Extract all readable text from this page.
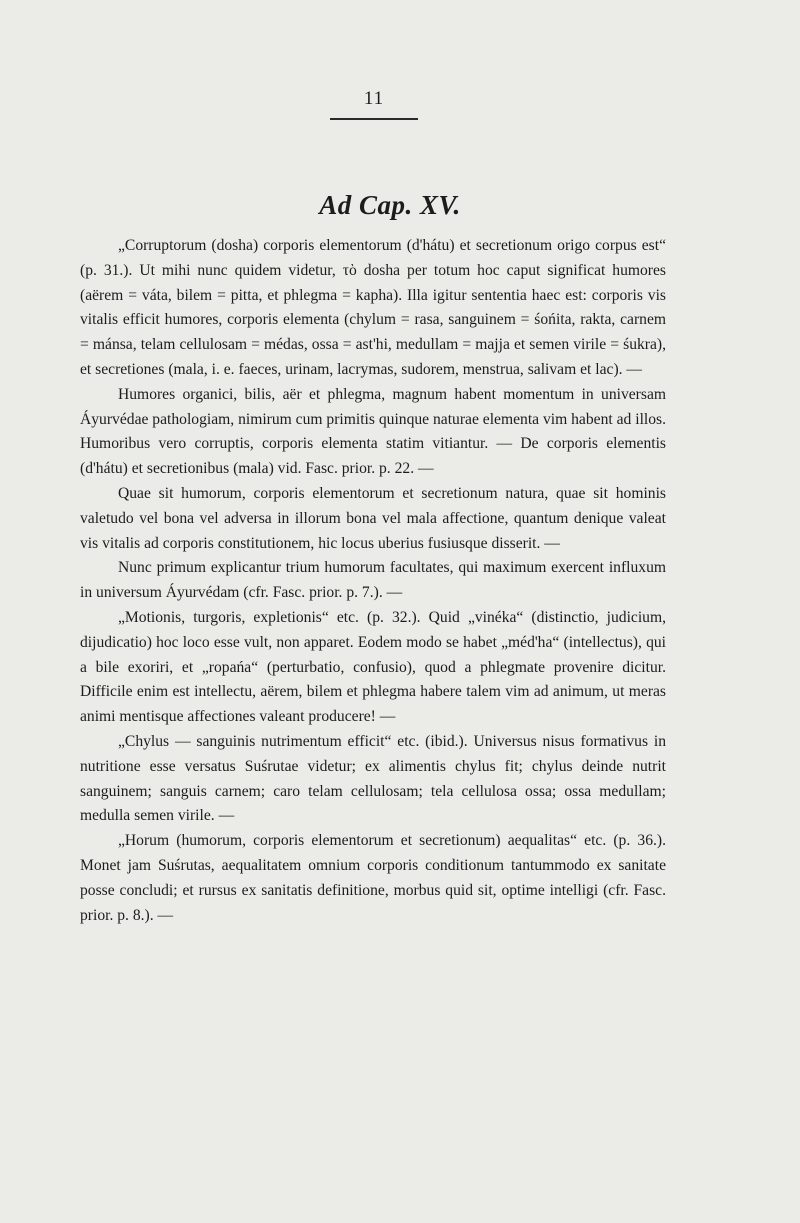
11
Ad Cap. XV.

„Corruptorum (dosha) corporis elementorum (d'hátu) et secretionum origo corpus est“ (p. 31.). Ut mihi nunc quidem videtur, τὸ dosha per totum hoc caput significat humores (aërem = váta, bilem = pitta, et phlegma = kapha). Illa igitur sententia haec est: corporis vis vitalis efficit humores, corporis elementa (chylum = rasa, sanguinem = śońita, rakta, carnem = mánsa, telam cellulosam = médas, ossa = ast'hi, medullam = majja et semen virile = śukra), et secretiones (mala, i. e. faeces, urinam, lacrymas, sudorem, menstrua, salivam et lac). —

Humores organici, bilis, aër et phlegma, magnum habent momentum in universam Áyurvédae pathologiam, nimirum cum primitis quinque naturae elementa vim habent ad illos. Humoribus vero corruptis, corporis elementa statim vitiantur. — De corporis elementis (d'hátu) et secretionibus (mala) vid. Fasc. prior. p. 22. —

Quae sit humorum, corporis elementorum et secretionum natura, quae sit hominis valetudo vel bona vel adversa in illorum bona vel mala affectione, quantum denique valeat vis vitalis ad corporis constitutionem, hic locus uberius fusiusque disserit. —

Nunc primum explicantur trium humorum facultates, qui maximum exercent influxum in universum Áyurvédam (cfr. Fasc. prior. p. 7.). —

„Motionis, turgoris, expletionis“ etc. (p. 32.). Quid „vinéka“ (distinctio, judicium, dijudicatio) hoc loco esse vult, non apparet. Eodem modo se habet „méd'ha“ (intellectus), qui a bile exoriri, et „ropańa“ (perturbatio, confusio), quod a phlegmate provenire dicitur. Difficile enim est intellectu, aërem, bilem et phlegma habere talem vim ad animum, ut meras animi mentisque affectiones valeant producere! —

„Chylus — sanguinis nutrimentum efficit“ etc. (ibid.). Universus nisus formativus in nutritione esse versatus Suśrutae videtur; ex alimentis chylus fit; chylus deinde nutrit sanguinem; sanguis carnem; caro telam cellulosam; tela cellulosa ossa; ossa medullam; medulla semen virile. —

„Horum (humorum, corporis elementorum et secretionum) aequalitas“ etc. (p. 36.). Monet jam Suśrutas, aequalitatem omnium corporis conditionum tantummodo ex sanitate posse concludi; et rursus ex sanitatis definitione, morbus quid sit, optime intelligi (cfr. Fasc. prior. p. 8.). —
